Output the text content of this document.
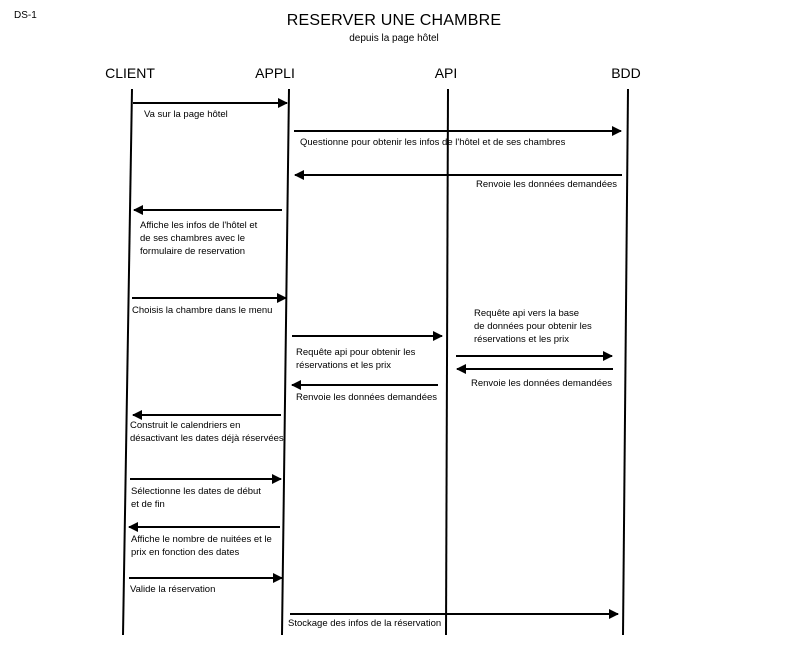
DS-1	RESERVER UNE CHAMBRE
depuis la page hôtel
CLIENT	APPLI	API	BDD
Va sur la page hôtel
Questionne pour obtenir les infos de l'hôtel et de ses chambres
Renvoie les données demandées
Affiche les infos de l'hôtel et
de ses chambres avec le
formulaire de reservation
Choisis la chambre dans le menu
Requête api pour obtenir les
réservations et les prix
Requête api vers la base
de données pour obtenir les
réservations et les prix
Renvoie les données demandées
Renvoie les données demandées
Construit le calendriers en
désactivant les dates déjà réservées
Sélectionne les dates de début
et de fin
Affiche le nombre de nuitées et le
prix en fonction des dates
Valide la réservation
Stockage des infos de la réservation
